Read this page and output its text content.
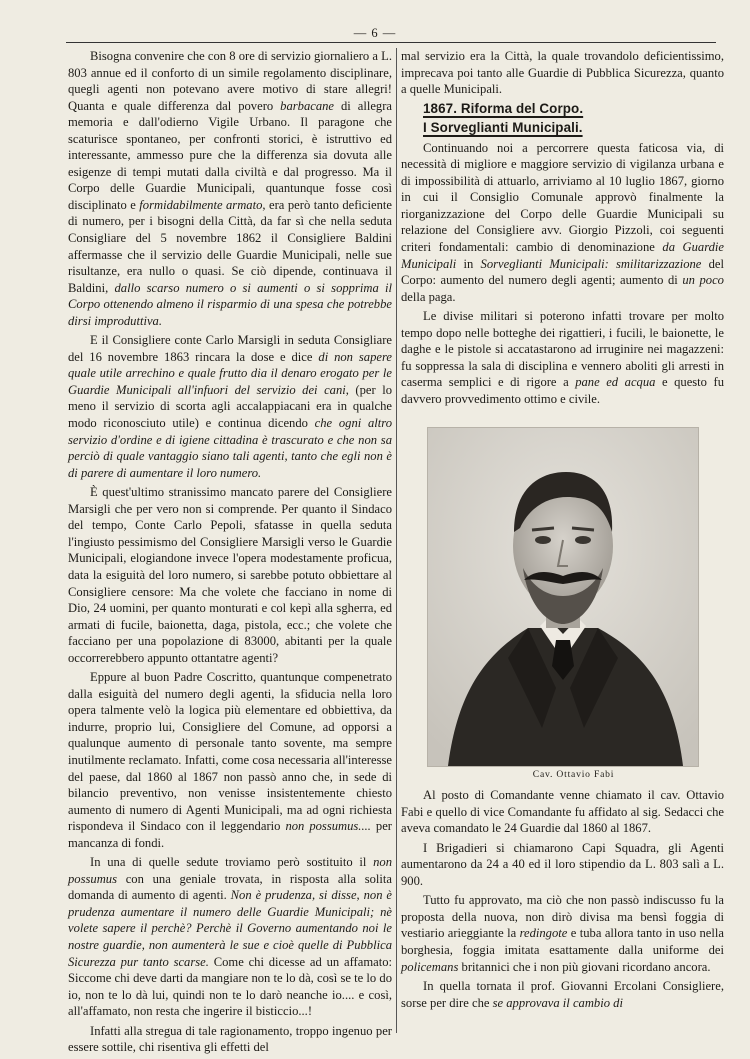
— 6 —

Bisogna convenire che con 8 ore di servizio giornaliero a L. 803 annue ed il conforto di un simile regolamento disciplinare, quegli agenti non potevano avere motivo di stare allegri! Quanta e quale differenza dal povero barbacane di allegra memoria e dall'odierno Vigile Urbano. Il paragone che scaturisce spontaneo, per confronti storici, è istruttivo ed interessante, ammesso pure che la differenza sia dovuta alle esigenze di tempi mutati dalla civiltà e dal progresso. Ma il Corpo delle Guardie Municipali, quantunque fosse così disciplinato e formidabilmente armato, era però tanto deficiente di numero, per i bisogni della Città, da far sì che nella seduta Consigliare del 5 novembre 1862 il Consigliere Baldini affermasse che il servizio delle Guardie Municipali, nelle sue risultanze, era nullo o quasi. Se ciò dipende, continuava il Baldini, dallo scarso numero o si aumenti o si sopprima il Corpo ottenendo almeno il risparmio di una spesa che potrebbe dirsi improduttiva.

E il Consigliere conte Carlo Marsigli in seduta Consigliare del 16 novembre 1863 rincara la dose e dice di non sapere quale utile arrechino e quale frutto dia il denaro erogato per le Guardie Municipali all'infuori del servizio dei cani, (per lo meno il servizio di scorta agli accalappiacani era in qualche modo riconosciuto utile) e continua dicendo che ogni altro servizio d'ordine e di igiene cittadina è trascurato e che non sa perciò di quale vantaggio siano tali agenti, tanto che egli non è di parere di aumentare il loro numero.

È quest'ultimo stranissimo mancato parere del Consigliere Marsigli che per vero non si comprende. Per quanto il Sindaco del tempo, Conte Carlo Pepoli, sfatasse in quella seduta l'ingiusto pessimismo del Consigliere Marsigli verso le Guardie Municipali, elogiandone invece l'opera modestamente proficua, data la esiguità del loro numero, si sarebbe potuto obbiettare al Consigliere censore: Ma che volete che facciano in nome di Dio, 24 uomini, per quanto monturati e col kepì alla sgherra, ed armati di fucile, baionetta, daga, pistola, ecc.; che volete che facciano per una popolazione di 83000, abitanti per la quale occorrerebbero appunto ottantatre agenti?

Eppure al buon Padre Coscritto, quantunque compenetrato dalla esiguità del numero degli agenti, la sfiducia nella loro opera talmente velò la logica più elementare ed obbiettiva, da indurre, proprio lui, Consigliere del Comune, ad opporsi a qualunque aumento di personale tanto sovente, ma sempre inutilmente reclamato. Infatti, come cosa necessaria all'interesse del paese, dal 1860 al 1867 non passò anno che, in sede di bilancio preventivo, non venisse insistentemente chiesto aumento di numero di Agenti Municipali, ma ad ogni richiesta rispondeva il Sindaco con il leggendario non possumus.... per mancanza di fondi.

In una di quelle sedute troviamo però sostituito il non possumus con una geniale trovata, in risposta alla solita domanda di aumento di agenti. Non è prudenza, si disse, non è prudenza aumentare il numero delle Guardie Municipali; nè volete sapere il perchè? Perchè il Governo aumentando noi le nostre guardie, non aumenterà le sue e cioè quelle di Pubblica Sicurezza pur tanto scarse. Come chi dicesse ad un affamato: Siccome chi deve darti da mangiare non te lo dà, così se te lo do io, non te lo dà lui, quindi non te lo darò neanche io.... e così, all'affamato, non resta che ingerire il bisticcio...!

Infatti alla stregua di tale ragionamento, troppo ingenuo per essere sottile, chi risentiva gli effetti del

mal servizio era la Città, la quale trovandolo deficientissimo, imprecava poi tanto alle Guardie di Pubblica Sicurezza, quanto a quelle Municipali.

1867. Riforma del Corpo.

I Sorveglianti Municipali.

Continuando noi a percorrere questa faticosa via, di necessità di migliore e maggiore servizio di vigilanza urbana e di impossibilità di attuarlo, arriviamo al 10 luglio 1867, giorno in cui il Consiglio Comunale approvò finalmente la riorganizzazione del Corpo delle Guardie Municipali su relazione del Consigliere avv. Giorgio Pizzoli, coi seguenti criteri fondamentali: cambio di denominazione da Guardie Municipali in Sorveglianti Municipali: smilitarizzazione del Corpo: aumento del numero degli agenti; aumento di un poco della paga.

Le divise militari si poterono infatti trovare per molto tempo dopo nelle botteghe dei rigattieri, i fucili, le baionette, le daghe e le pistole si accatastarono ad irruginire nei magazzeni: fu soppressa la sala di disciplina e vennero aboliti gli arresti in caserma semplici e di rigore a pane ed acqua e questo fu davvero provvedimento ottimo e civile.

Cav. Ottavio Fabi

Al posto di Comandante venne chiamato il cav. Ottavio Fabi e quello di vice Comandante fu affidato al sig. Sedacci che aveva comandato le 24 Guardie dal 1860 al 1867.

I Brigadieri si chiamarono Capi Squadra, gli Agenti aumentarono da 24 a 40 ed il loro stipendio da L. 803 salì a L. 900.

Tutto fu approvato, ma ciò che non passò indiscusso fu la proposta della nuova, non dirò divisa ma bensì foggia di vestiario arieggiante la redingote e tuba allora tanto in uso nella borghesia, foggia imitata esattamente dalla uniforme dei policemans britannici che i non più giovani ricordano ancora.

In quella tornata il prof. Giovanni Ercolani Consigliere, sorse per dire che se approvava il cambio di
